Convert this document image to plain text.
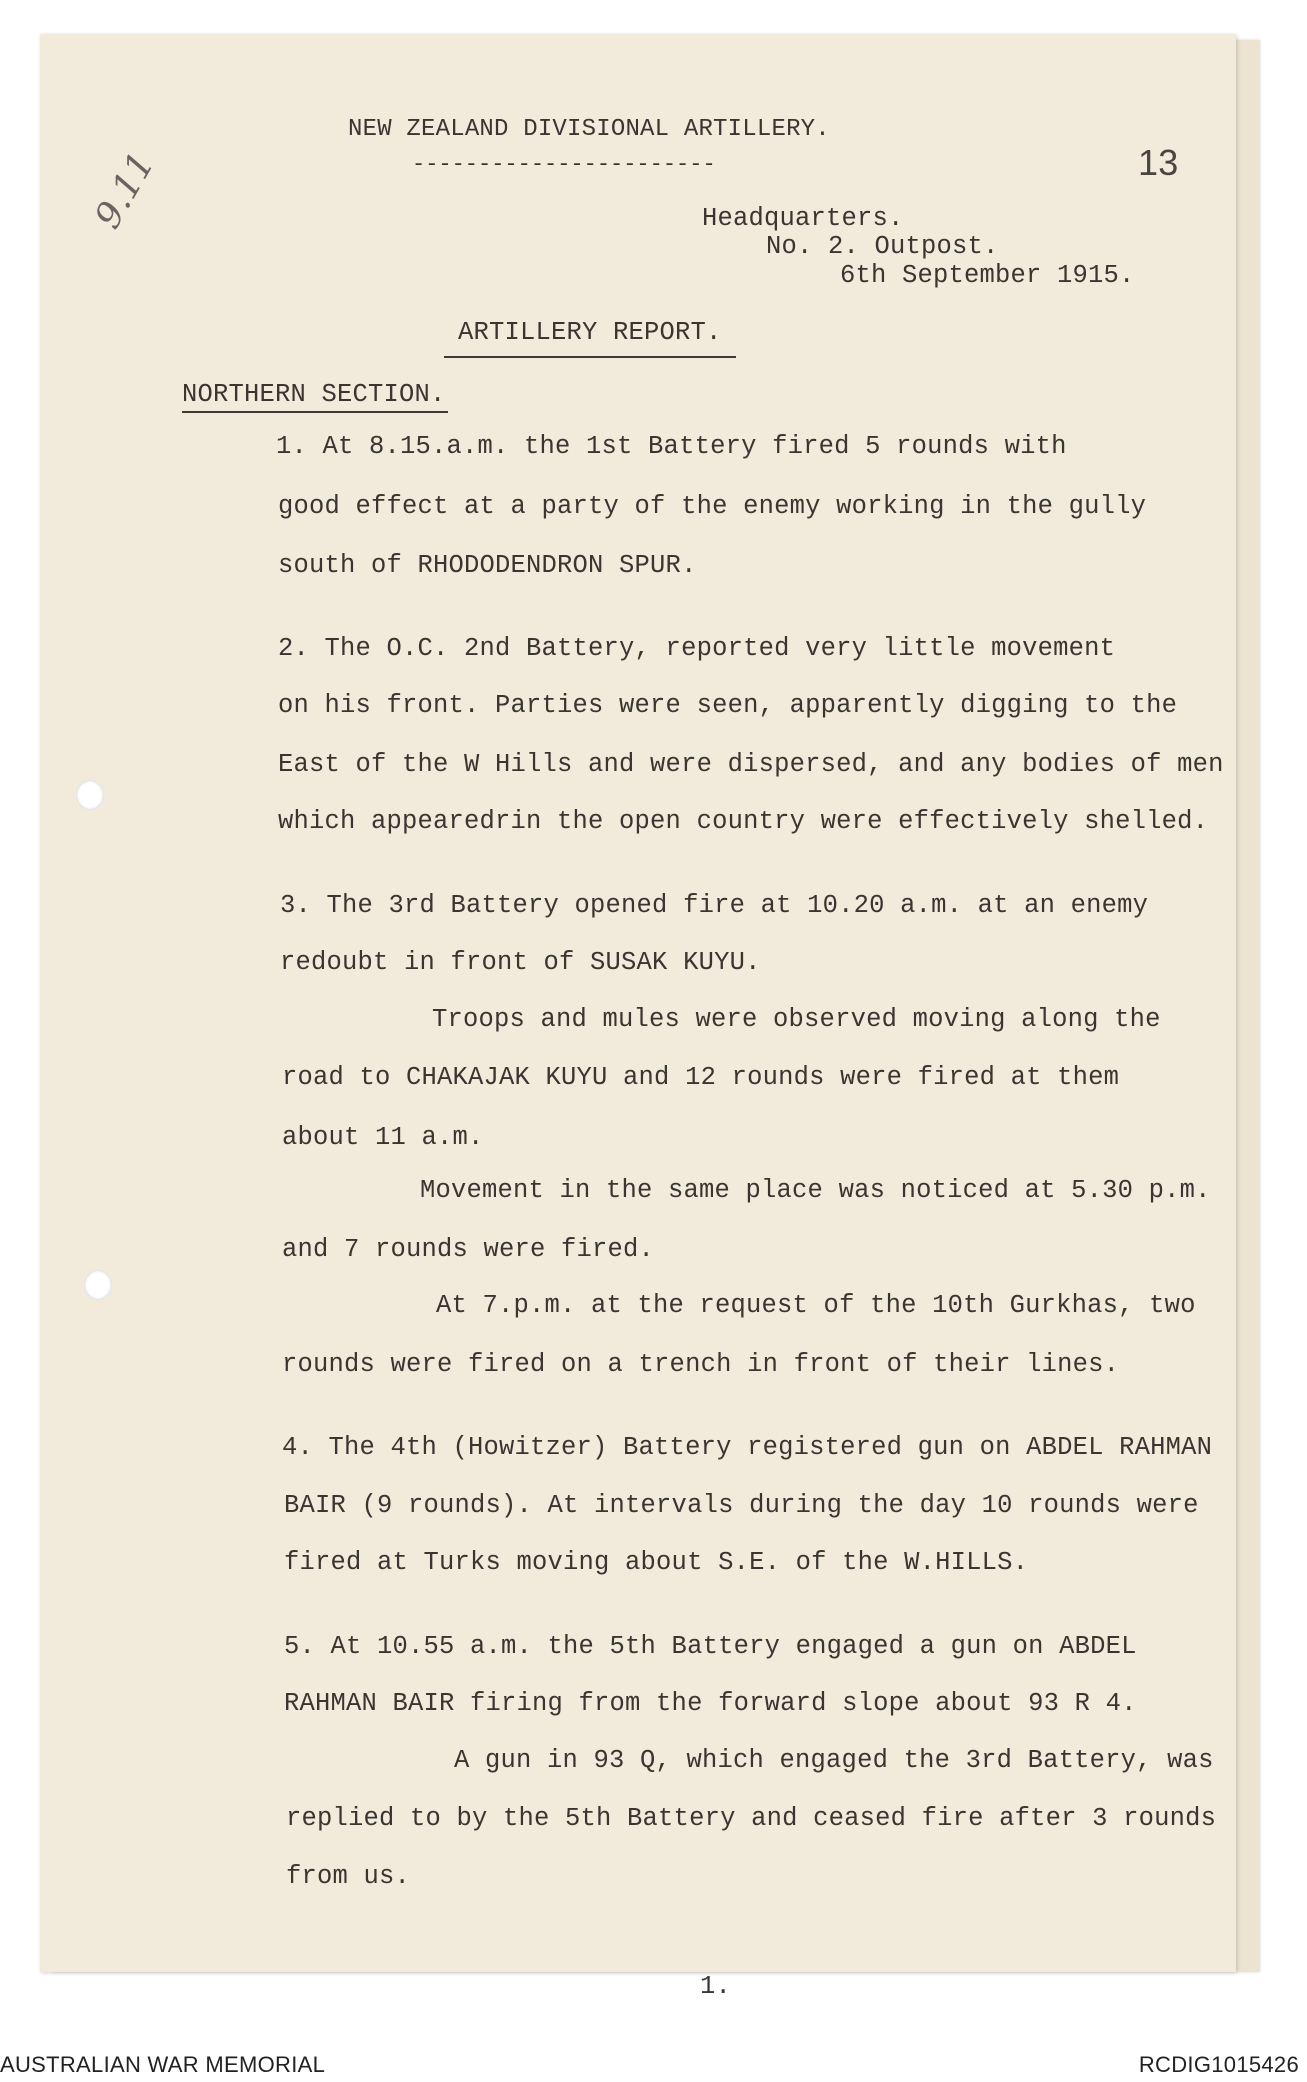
9.11
NEW ZEALAND DIVISIONAL ARTILLERY.
-----------------------	13
Headquarters.
No. 2. Outpost.
6th September 1915.
ARTILLERY REPORT.
NORTHERN SECTION.
1. At 8.15.a.m. the 1st Battery fired 5 rounds with
good effect at a party of the enemy working in the gully
south of RHODODENDRON SPUR.
2. The O.C. 2nd Battery, reported very little movement
on his front. Parties were seen, apparently digging to the
East of the W Hills and were dispersed, and any bodies of men
which appearedrin the open country were effectively shelled.
3. The 3rd Battery opened fire at 10.20 a.m. at an enemy
redoubt in front of SUSAK KUYU.
Troops and mules were observed moving along the
road to CHAKAJAK KUYU and 12 rounds were fired at them
about 11 a.m.
Movement in the same place was noticed at 5.30 p.m.
and 7 rounds were fired.
At 7.p.m. at the request of the 10th Gurkhas, two
rounds were fired on a trench in front of their lines.
4. The 4th (Howitzer) Battery registered gun on ABDEL RAHMAN
BAIR (9 rounds). At intervals during the day 10 rounds were
fired at Turks moving about S.E. of the W.HILLS.
5. At 10.55 a.m. the 5th Battery engaged a gun on ABDEL
RAHMAN BAIR firing from the forward slope about 93 R 4.
A gun in 93 Q, which engaged the 3rd Battery, was
replied to by the 5th Battery and ceased fire after 3 rounds
from us.
1.
AUSTRALIAN WAR MEMORIAL	RCDIG1015426
